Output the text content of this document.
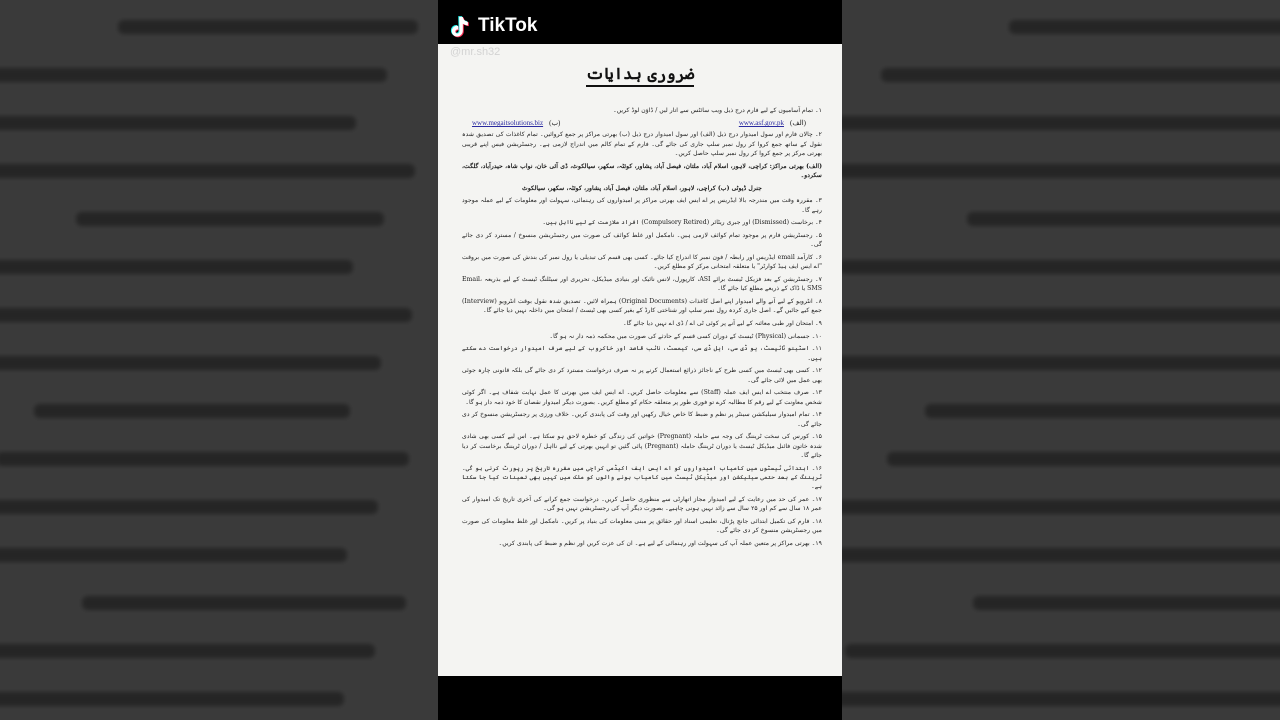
ضروری ہدایات

۱۔ تمام آسامیوں کے لیے فارم درج ذیل ویب سائٹس سے اتار لیں / ڈاؤن لوڈ کریں۔

www.megaitsolutions.biz (ب)	www.asf.gov.pk (الف)

۲۔ چالان فارم اور سول امیدوار درج ذیل (الف) اور سول امیدوار درج ذیل (ب) بھرتی مراکز پر جمع کروائیں۔ تمام کاغذات کی تصدیق شدہ نقول کے ساتھ جمع کروا کر رول نمبر سلپ جاری کی جائے گی۔ فارم کے تمام کالم میں اندراج لازمی ہے۔ رجسٹریشن فیس اپنے قریبی بھرتی مرکز پر جمع کروا کر رول نمبر سلپ حاصل کریں۔

(الف) بھرتی مراکز: کراچی، لاہور، اسلام آباد، ملتان، فیصل آباد، پشاور، کوئٹہ، سکھر، سیالکوٹ، ڈی آئی خان، نواب شاہ، حیدرآباد، گلگت، سکردو۔

جنرل ڈیوٹی (ب) کراچی، لاہور، اسلام آباد، ملتان، فیصل آباد، پشاور، کوئٹہ، سکھر، سیالکوٹ

۳۔ مقررہ وقت میں مندرجہ بالا ایڈریس پر اے ایس ایف بھرتی مراکز پر امیدواروں کی رہنمائی، سہولت اور معلومات کے لیے عملہ موجود رہے گا۔

۴۔ برخاست (Dismissed) اور جبری ریٹائر (Compulsory Retired) افراد ملازمت کے لیے نااہل ہیں۔

۵۔ رجسٹریشن فارم پر موجود تمام کوائف لازمی ہیں۔ نامکمل اور غلط کوائف کی صورت میں رجسٹریشن منسوخ / مسترد کر دی جائے گی۔

۶۔ کارآمد email ایڈریس اور رابطہ / فون نمبر کا اندراج کیا جائے۔ کسی بھی قسم کی تبدیلی یا رول نمبر کی بندش کی صورت میں بروقت "اے ایس ایف ہیڈ کوارٹر" یا متعلقہ امتحانی مرکز کو مطلع کریں۔

۷۔ رجسٹریشن کے بعد فزیکل ٹیسٹ برائے ASI، کارپورل، لانس نائیک اور بنیادی میڈیکل، تحریری اور سیٹلنگ ٹیسٹ کے لیے بذریعہ Email، SMS یا ڈاک کے ذریعے مطلع کیا جائے گا۔

۸۔ انٹرویو کے لیے آنے والے امیدوار اپنے اصل کاغذات (Original Documents) ہمراہ لائیں۔ تصدیق شدہ نقول بوقت انٹرویو (Interview) جمع کیے جائیں گے۔ اصل جاری کردہ رول نمبر سلپ اور شناختی کارڈ کے بغیر کسی بھی ٹیسٹ / امتحان میں داخلہ نہیں دیا جائے گا۔

۹۔ امتحان اور طبی معائنہ کے لیے آنے پر کوئی ٹی اے / ڈی اے نہیں دیا جائے گا۔

۱۰۔ جسمانی (Physical) ٹیسٹ کے دوران کسی قسم کے حادثے کی صورت میں محکمہ ذمہ دار نہ ہو گا۔

۱۱۔ اسٹینو ٹائپسٹ، یو ڈی سی، ایل ڈی سی، کیمسٹ، نائب قاصد اور خاکروب کے لیے صرف امیدوار درخواست دے سکتے ہیں۔

۱۲۔ کسی بھی ٹیسٹ میں کسی طرح کے ناجائز ذرائع استعمال کرنے پر نہ صرف درخواست مسترد کر دی جائے گی بلکہ قانونی چارہ جوئی بھی عمل میں لائی جائے گی۔

۱۳۔ صرف منتخب اے ایس ایف عملہ (Staff) سے معلومات حاصل کریں۔ اے ایس ایف میں بھرتی کا عمل نہایت شفاف ہے۔ اگر کوئی شخص معاونت کے لیے رقم کا مطالبہ کرے تو فوری طور پر متعلقہ حکام کو مطلع کریں۔ بصورت دیگر امیدوار نقصان کا خود ذمہ دار ہو گا۔

۱۴۔ تمام امیدوار سیلیکشن سینٹر پر نظم و ضبط کا خاص خیال رکھیں اور وقت کی پابندی کریں۔ خلاف ورزی پر رجسٹریشن منسوخ کر دی جائے گی۔

۱۵۔ کورس کی سخت ٹریننگ کی وجہ سے حاملہ (Pregnant) خواتین کی زندگی کو خطرہ لاحق ہو سکتا ہے۔ اس لیے کسی بھی شادی شدہ خاتون فائنل میڈیکل ٹیسٹ یا دوران ٹریننگ حاملہ (Pregnant) پائی گئیں تو انہیں بھرتی کے لیے نااہل / دوران ٹریننگ برخاست کر دیا جائے گا۔

۱۶۔ ابتدائی ٹیسٹوں میں کامیاب امیدواروں کو اے ایس ایف اکیڈمی کراچی میں مقررہ تاریخ پر رپورٹ کرنی ہو گی۔ ٹریننگ کے بعد حتمی سیلیکشن اور میڈیکل ٹیسٹ میں کامیاب ہونے والوں کو ملک میں کہیں بھی تعینات کیا جا سکتا ہے۔

۱۷۔ عمر کی حد میں رعایت کے لیے امیدوار مجاز اتھارٹی سے منظوری حاصل کریں۔ درخواست جمع کرانے کی آخری تاریخ تک امیدوار کی عمر ۱۸ سال سے کم اور ۲۵ سال سے زائد نہیں ہونی چاہیے۔ بصورت دیگر آپ کی رجسٹریشن نہیں ہو گی۔

۱۸۔ فارم کی تکمیل ابتدائی جانچ پڑتال، تعلیمی اسناد اور حقائق پر مبنی معلومات کی بنیاد پر کریں۔ نامکمل اور غلط معلومات کی صورت میں رجسٹریشن منسوخ کر دی جائے گی۔

۱۹۔ بھرتی مراکز پر متعین عملہ آپ کی سہولت اور رہنمائی کے لیے ہے۔ ان کی عزت کریں اور نظم و ضبط کی پابندی کریں۔

TikTok
@mr.sh32
